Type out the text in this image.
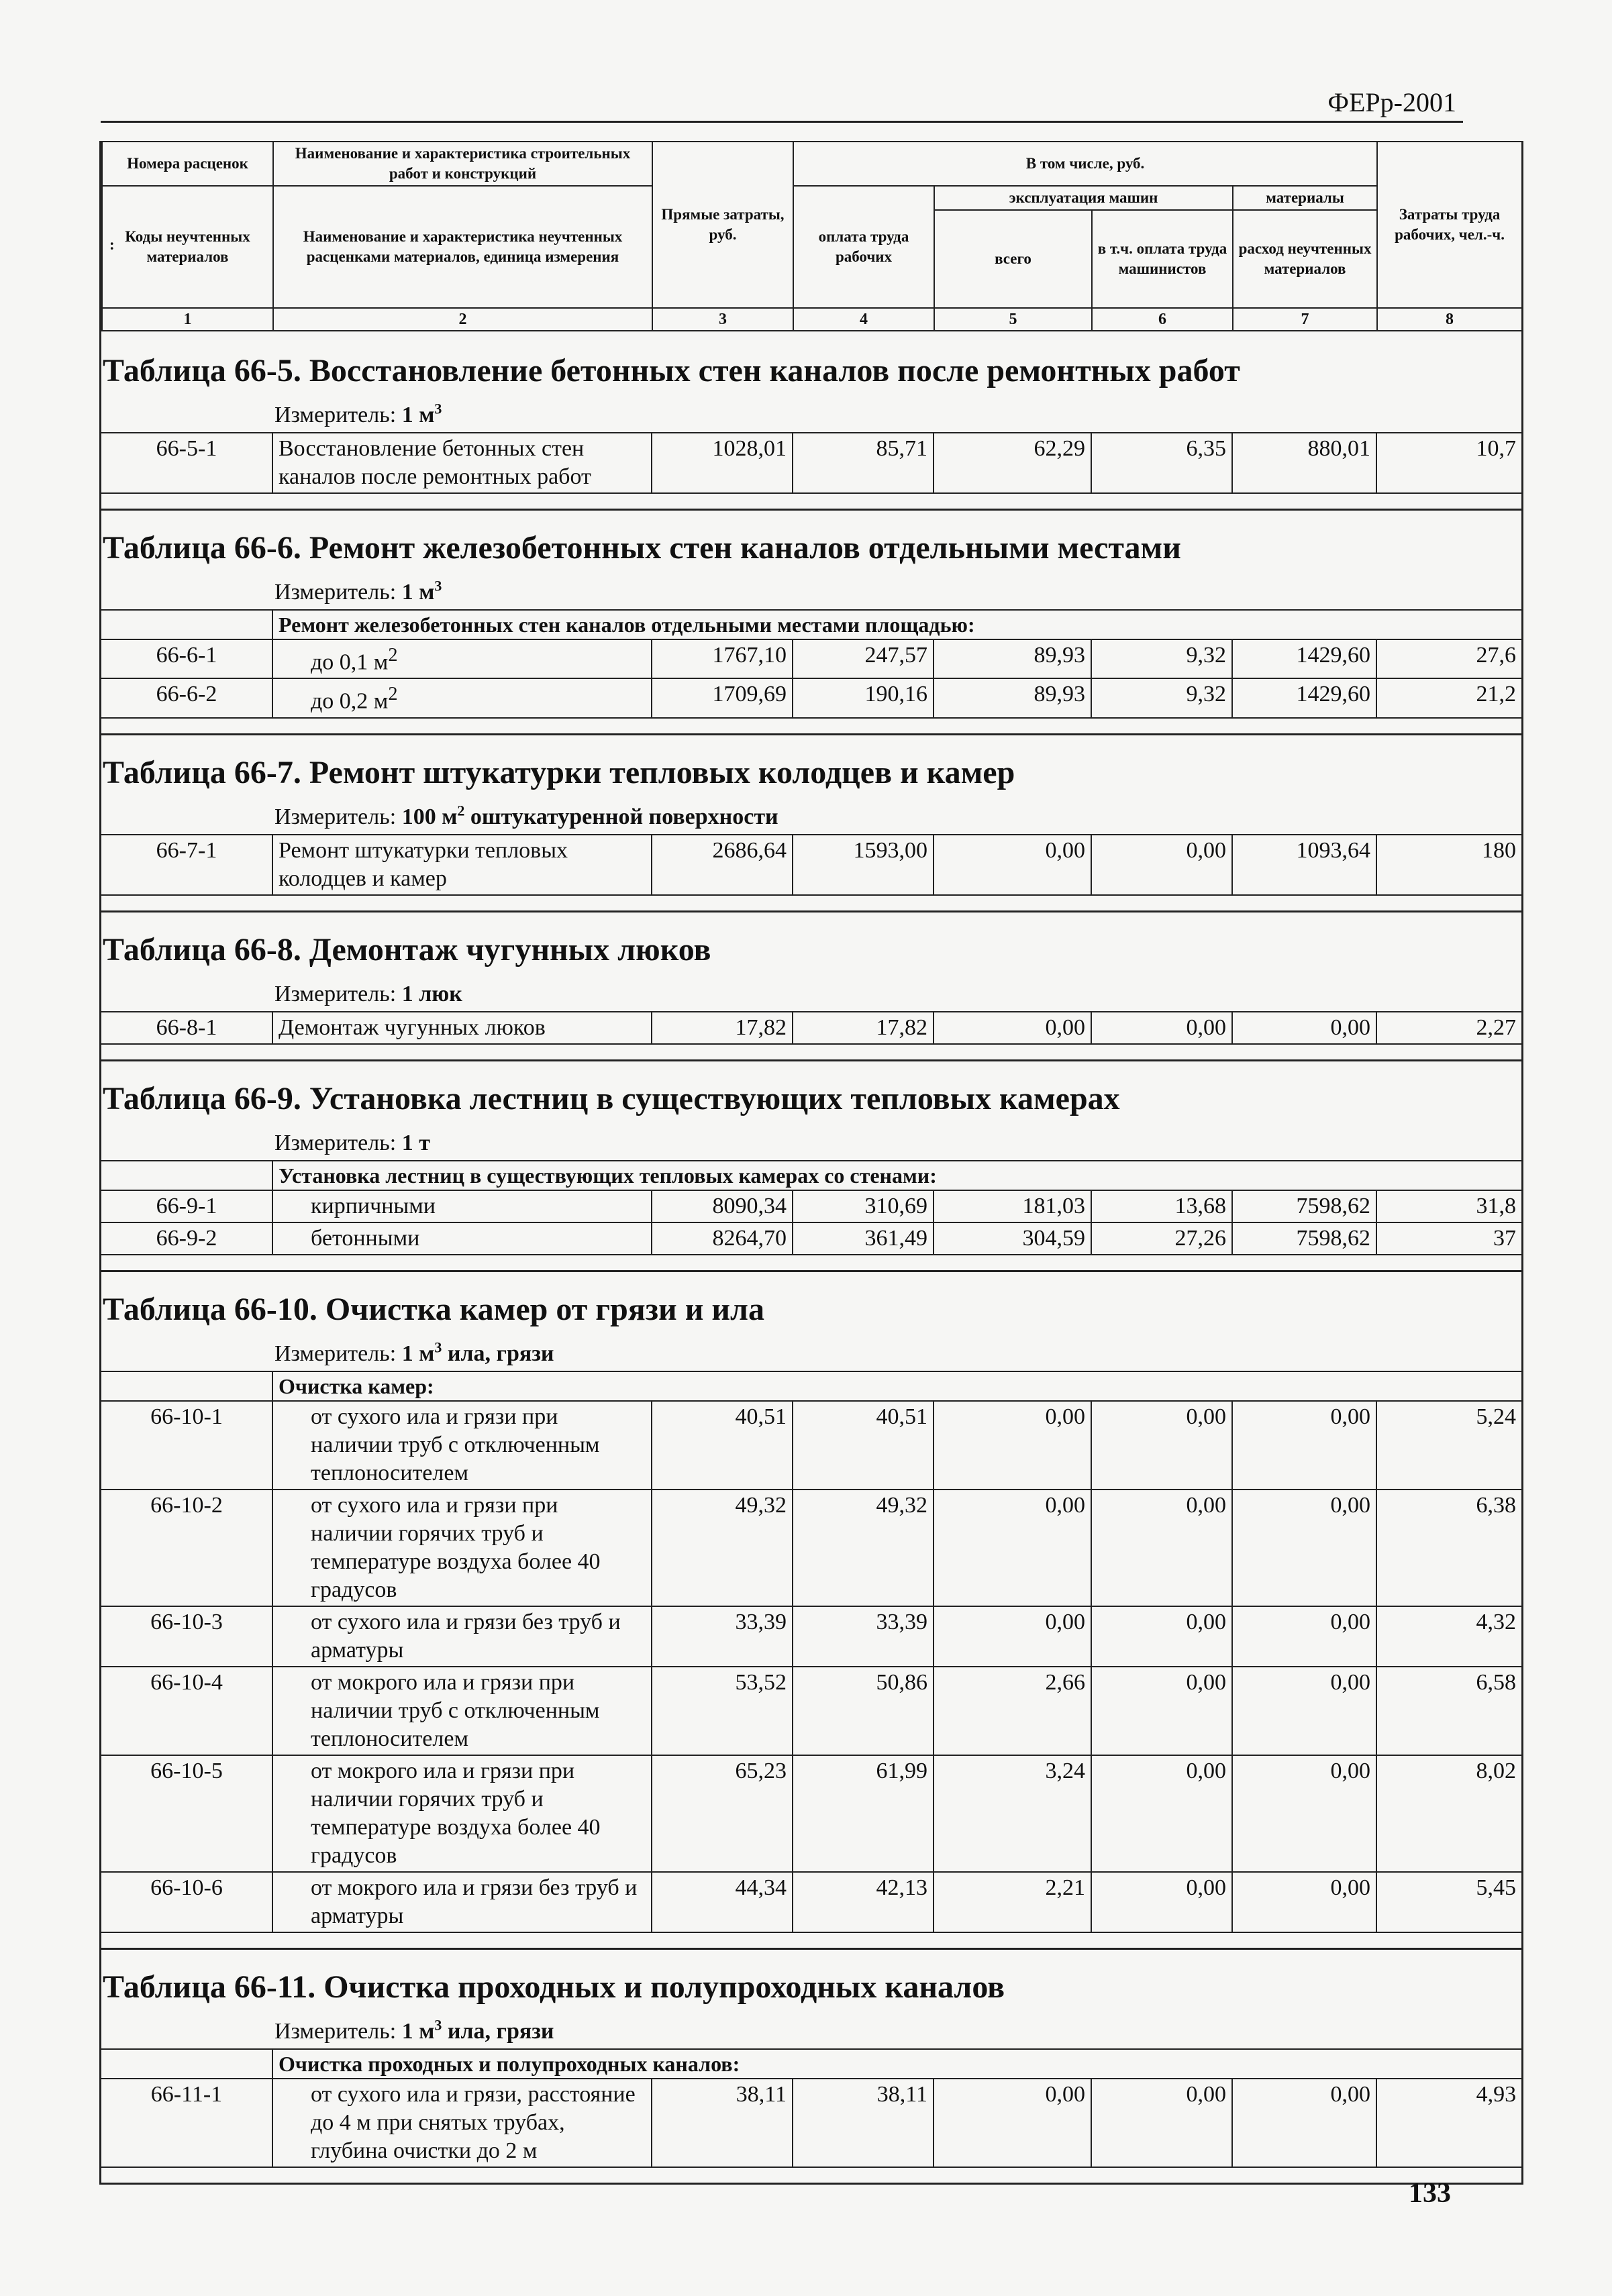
ФЕРр-2001
Номера расценок	Наименование и характеристика строительных работ и конструкций	Прямые затраты, руб.	В том числе, руб.				Затраты труда рабочих, чел.-ч.

: Коды неучтенных материалов	Наименование и характеристика неучтенных расценками материалов, единица измерения		оплата труда рабочих	эксплуатация машин		материалы	
				всего	в т.ч. оплата труда машинистов	расход неучтенных материалов	
1	2	3	4	5	6	7	8
Таблица 66-5. Восстановление бетонных стен каналов после ремонтных работ
Измеритель: 1 $м^3$
66-5-1	Восстановление бетонных стен каналов после ремонтных работ	1028,01	85,71	62,29	6,35	880,01	10,7
Таблица 66-6. Ремонт железобетонных стен каналов отдельными местами
Измеритель: 1 $м^3$
	Ремонт железобетонных стен каналов отдельными местами площадью:						
66-6-1	до 0,1 $м^2$	1767,10	247,57	89,93	9,32	1429,60	27,6
66-6-2	до 0,2 $м^2$	1709,69	190,16	89,93	9,32	1429,60	21,2
Таблица 66-7. Ремонт штукатурки тепловых колодцев и камер
Измеритель: 100 $м^2$ оштукатуренной поверхности
66-7-1	Ремонт штукатурки тепловых колодцев и камер	2686,64	1593,00	0,00	0,00	1093,64	180
Таблица 66-8. Демонтаж чугунных люков
Измеритель: 1 люк
66-8-1	Демонтаж чугунных люков	17,82	17,82	0,00	0,00	0,00	2,27
Таблица 66-9. Установка лестниц в существующих тепловых камерах
Измеритель: 1 т
	Установка лестниц в существующих тепловых камерах со стенами:						
66-9-1	кирпичными	8090,34	310,69	181,03	13,68	7598,62	31,8
66-9-2	бетонными	8264,70	361,49	304,59	27,26	7598,62	37
Таблица 66-10. Очистка камер от грязи и ила
Измеритель: 1 $м^3$ ила, грязи
	Очистка камер:						
66-10-1	от сухого ила и грязи при наличии труб с отключенным теплоносителем	40,51	40,51	0,00	0,00	0,00	5,24
66-10-2	от сухого ила и грязи при наличии горячих труб и температуре воздуха более 40 градусов	49,32	49,32	0,00	0,00	0,00	6,38
66-10-3	от сухого ила и грязи без труб и арматуры	33,39	33,39	0,00	0,00	0,00	4,32
66-10-4	от мокрого ила и грязи при наличии труб с отключенным теплоносителем	53,52	50,86	2,66	0,00	0,00	6,58
66-10-5	от мокрого ила и грязи при наличии горячих труб и температуре воздуха более 40 градусов	65,23	61,99	3,24	0,00	0,00	8,02
66-10-6	от мокрого ила и грязи без труб и арматуры	44,34	42,13	2,21	0,00	0,00	5,45
Таблица 66-11. Очистка проходных и полупроходных каналов
Измеритель: 1 $м^3$ ила, грязи
	Очистка проходных и полупроходных каналов:						
66-11-1	от сухого ила и грязи, расстояние до 4 м при снятых трубах, глубина очистки до 2 м	38,11	38,11	0,00	0,00	0,00	4,93
133
